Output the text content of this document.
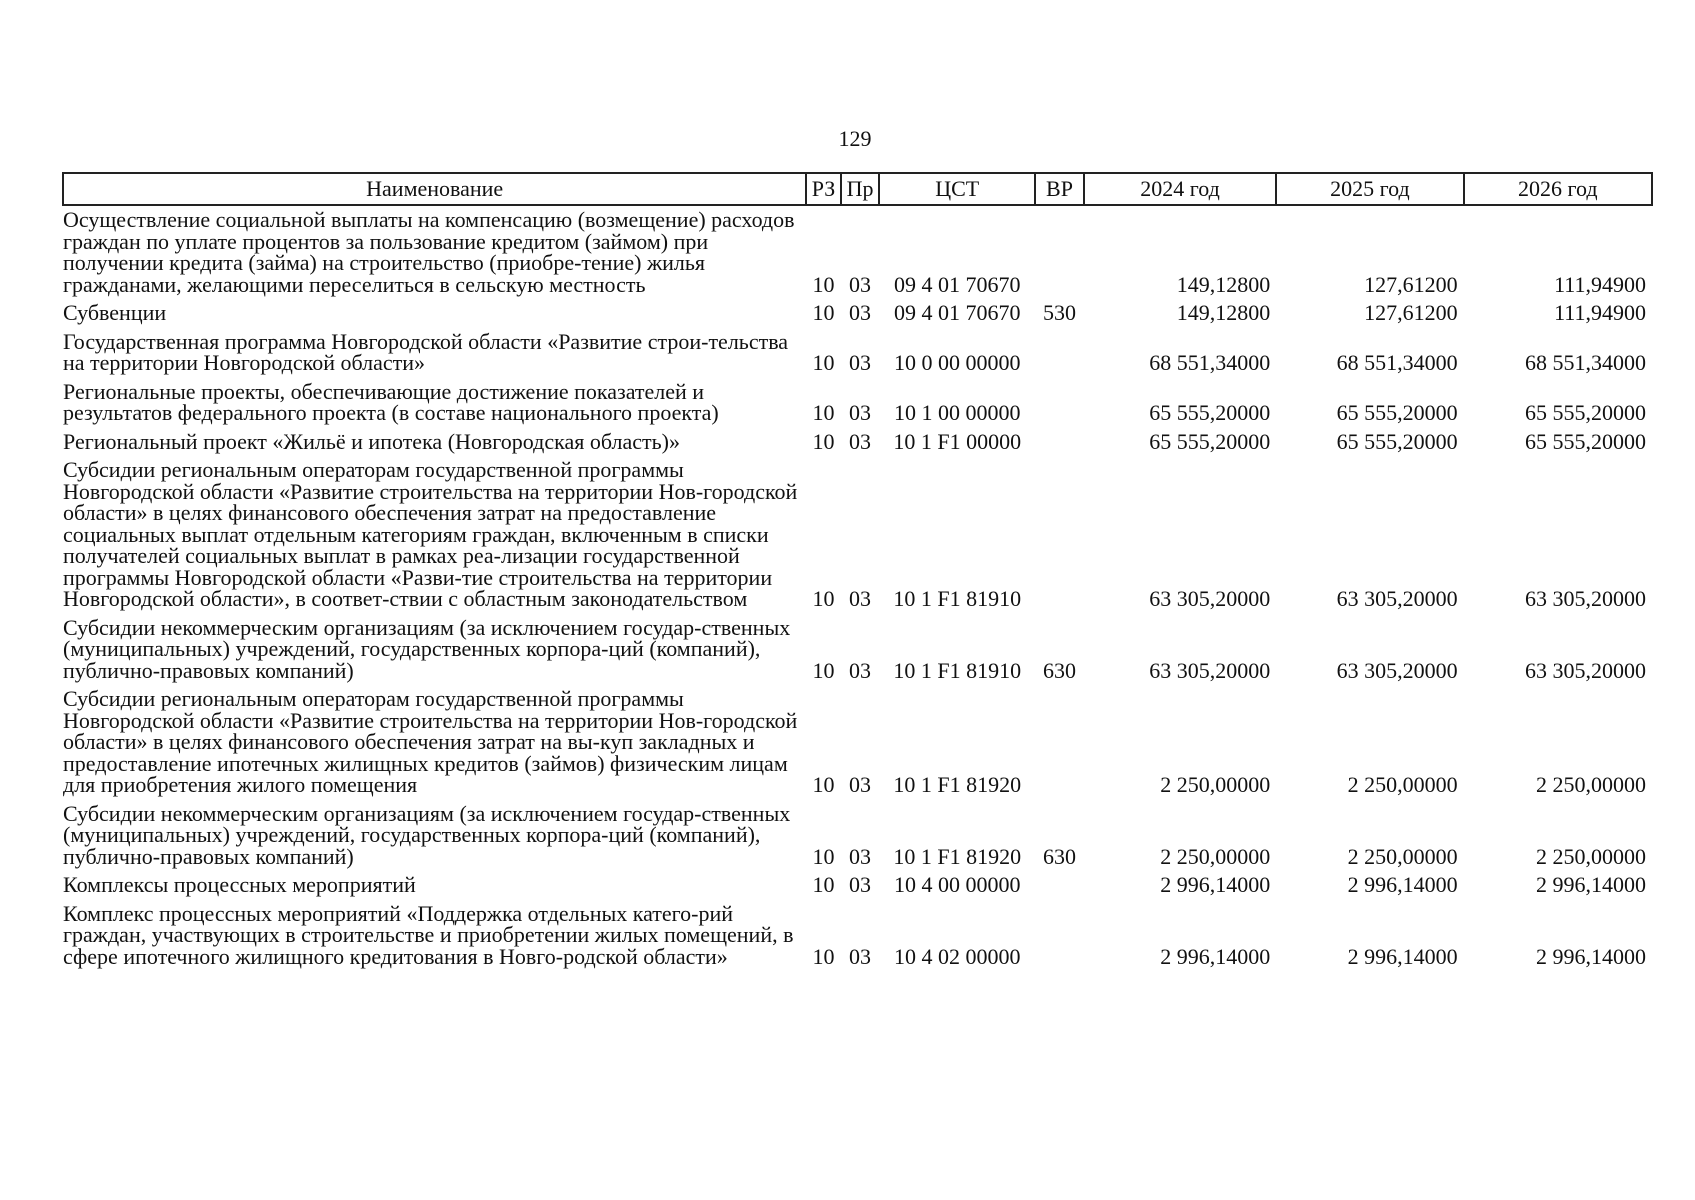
129
Наименование	РЗ	Пр	ЦСТ	ВР	2024 год	2025 год	2026 год
Осуществление социальной выплаты на компенсацию (возмещение) расходов граждан по уплате процентов за пользование кредитом (займом) при получении кредита (займа) на строительство (приобре-тение) жилья гражданами, желающими переселиться в сельскую местность	10	03	09 4 01 70670		149,12800	127,61200	111,94900
Субвенции	10	03	09 4 01 70670	530	149,12800	127,61200	111,94900
Государственная программа Новгородской области «Развитие строи-тельства на территории Новгородской области»	10	03	10 0 00 00000		68 551,34000	68 551,34000	68 551,34000
Региональные проекты, обеспечивающие достижение показателей и результатов федерального проекта (в составе национального проекта)	10	03	10 1 00 00000		65 555,20000	65 555,20000	65 555,20000
Региональный проект «Жильё и ипотека (Новгородская область)»	10	03	10 1 F1 00000		65 555,20000	65 555,20000	65 555,20000
Субсидии региональным операторам государственной программы Новгородской области «Развитие строительства на территории Нов-городской области» в целях финансового обеспечения затрат на предоставление социальных выплат отдельным категориям граждан, включенным в списки получателей социальных выплат в рамках реа-лизации государственной программы Новгородской области «Разви-тие строительства на территории Новгородской области», в соответ-ствии с областным законодательством	10	03	10 1 F1 81910		63 305,20000	63 305,20000	63 305,20000
Субсидии некоммерческим организациям (за исключением государ-ственных (муниципальных) учреждений, государственных корпора-ций (компаний), публично-правовых компаний)	10	03	10 1 F1 81910	630	63 305,20000	63 305,20000	63 305,20000
Субсидии региональным операторам государственной программы Новгородской области «Развитие строительства на территории Нов-городской области» в целях финансового обеспечения затрат на вы-куп закладных и предоставление ипотечных жилищных кредитов (займов) физическим лицам для приобретения жилого помещения	10	03	10 1 F1 81920		2 250,00000	2 250,00000	2 250,00000
Субсидии некоммерческим организациям (за исключением государ-ственных (муниципальных) учреждений, государственных корпора-ций (компаний), публично-правовых компаний)	10	03	10 1 F1 81920	630	2 250,00000	2 250,00000	2 250,00000
Комплексы процессных мероприятий	10	03	10 4 00 00000		2 996,14000	2 996,14000	2 996,14000
Комплекс процессных мероприятий «Поддержка отдельных катего-рий граждан, участвующих в строительстве и приобретении жилых помещений, в сфере ипотечного жилищного кредитования в Новго-родской области»	10	03	10 4 02 00000		2 996,14000	2 996,14000	2 996,14000
